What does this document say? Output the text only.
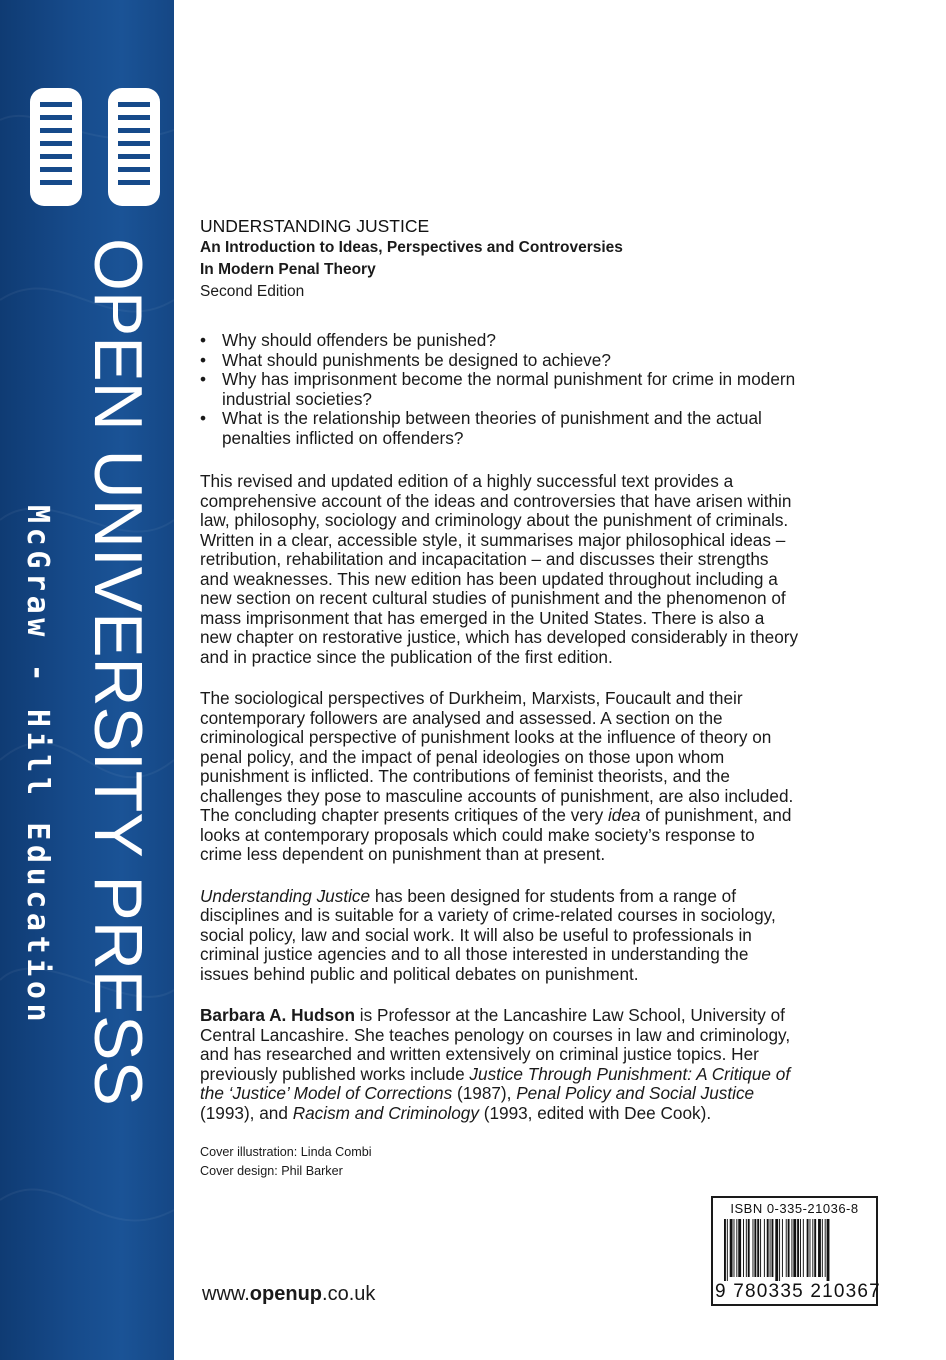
OPEN UNIVERSITY PRESS
McGraw - Hill Education
UNDERSTANDING JUSTICE
An Introduction to Ideas, Perspectives and Controversies
In Modern Penal Theory
Second Edition
• Why should offenders be punished?
• What should punishments be designed to achieve?
• Why has imprisonment become the normal punishment for crime in modern industrial societies?
• What is the relationship between theories of punishment and the actual penalties inflicted on offenders?

This revised and updated edition of a highly successful text provides a comprehensive account of the ideas and controversies that have arisen within law, philosophy, sociology and criminology about the punishment of criminals. Written in a clear, accessible style, it summarises major philosophical ideas – retribution, rehabilitation and incapacitation – and discusses their strengths and weaknesses. This new edition has been updated throughout including a new section on recent cultural studies of punishment and the phenomenon of mass imprisonment that has emerged in the United States. There is also a new chapter on restorative justice, which has developed considerably in theory and in practice since the publication of the first edition.

The sociological perspectives of Durkheim, Marxists, Foucault and their contemporary followers are analysed and assessed. A section on the criminological perspective of punishment looks at the influence of theory on penal policy, and the impact of penal ideologies on those upon whom punishment is inflicted. The contributions of feminist theorists, and the challenges they pose to masculine accounts of punishment, are also included. The concluding chapter presents critiques of the very idea of punishment, and looks at contemporary proposals which could make society’s response to crime less dependent on punishment than at present.

Understanding Justice has been designed for students from a range of disciplines and is suitable for a variety of crime-related courses in sociology, social policy, law and social work. It will also be useful to professionals in criminal justice agencies and to all those interested in understanding the issues behind public and political debates on punishment.

Barbara A. Hudson is Professor at the Lancashire Law School, University of Central Lancashire. She teaches penology on courses in law and criminology, and has researched and written extensively on criminal justice topics. Her previously published works include Justice Through Punishment: A Critique of the ‘Justice’ Model of Corrections (1987), Penal Policy and Social Justice (1993), and Racism and Criminology (1993, edited with Dee Cook).

Cover illustration: Linda Combi
Cover design: Phil Barker
www.openup.co.uk
ISBN 0-335-21036-8
9 780335 210367
